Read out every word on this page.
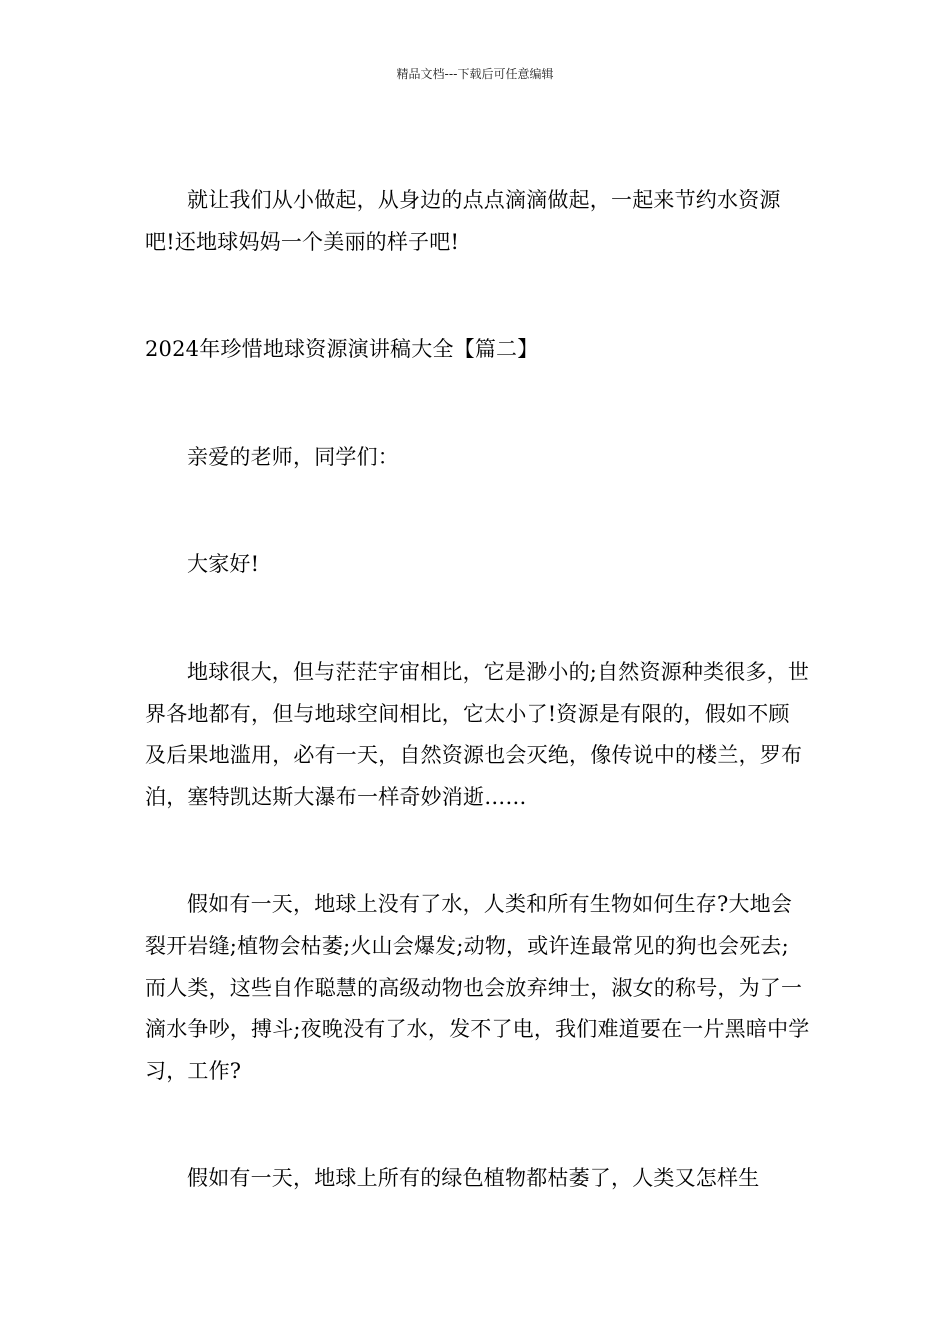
精品文档---下载后可任意编辑

就让我们从小做起，从身边的点点滴滴做起，一起来节约水资源吧!还地球妈妈一个美丽的样子吧!

2024年珍惜地球资源演讲稿大全【篇二】

亲爱的老师，同学们：

大家好!

地球很大，但与茫茫宇宙相比，它是渺小的;自然资源种类很多，世界各地都有，但与地球空间相比，它太小了!资源是有限的，假如不顾及后果地滥用，必有一天，自然资源也会灭绝，像传说中的楼兰，罗布泊，塞特凯达斯大瀑布一样奇妙消逝……

假如有一天，地球上没有了水，人类和所有生物如何生存?大地会裂开岩缝;植物会枯萎;火山会爆发;动物，或许连最常见的狗也会死去;而人类，这些自作聪慧的高级动物也会放弃绅士，淑女的称号，为了一滴水争吵，搏斗;夜晚没有了水，发不了电，我们难道要在一片黑暗中学习，工作?

假如有一天，地球上所有的绿色植物都枯萎了，人类又怎样生
